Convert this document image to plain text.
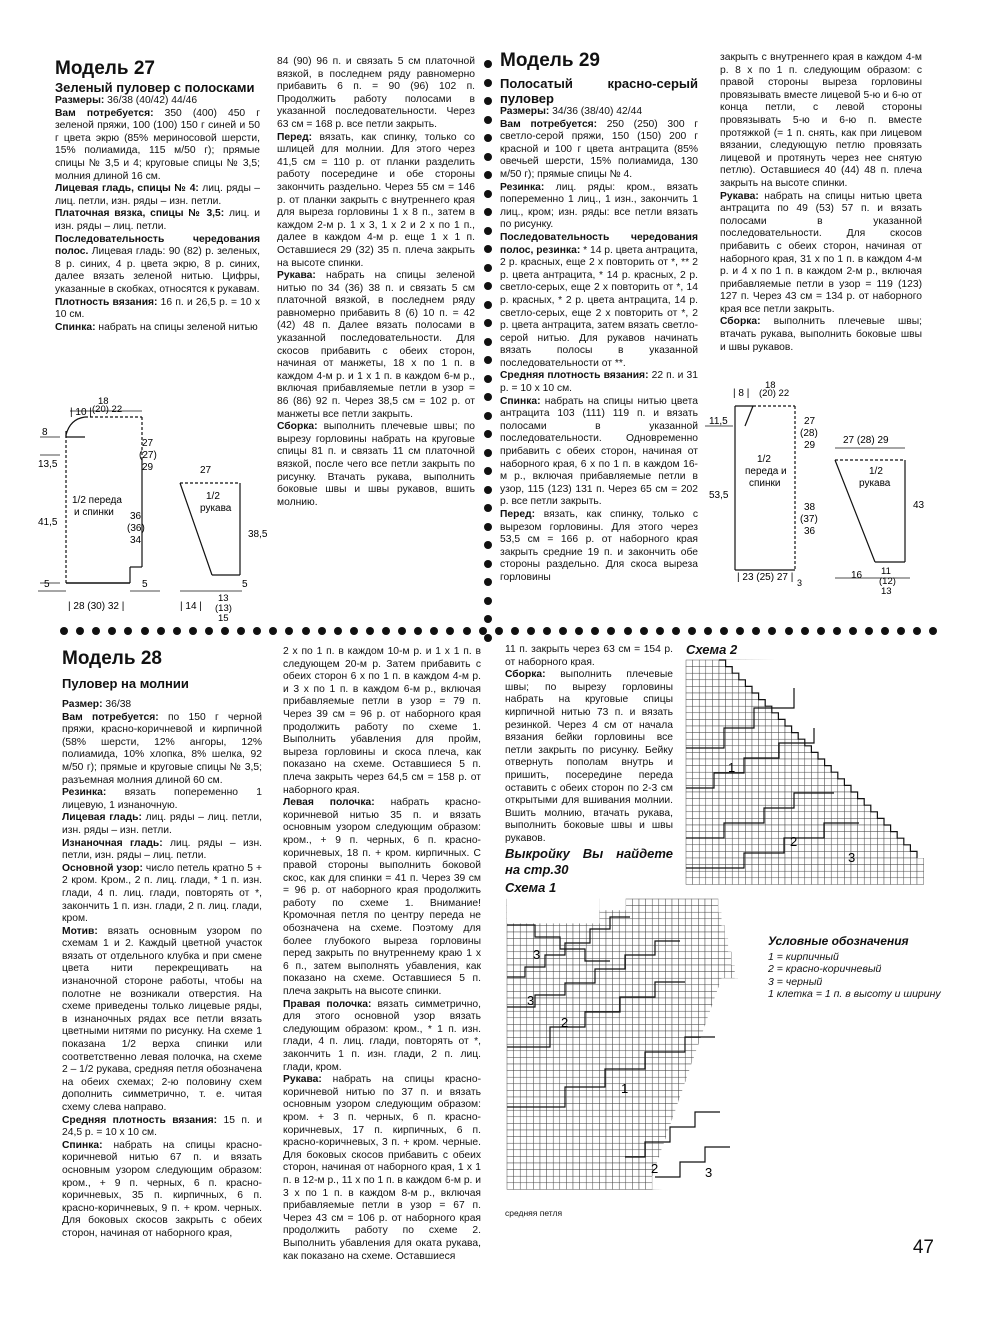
Модель 27

Зеленый пуловер с полосками

Размеры: 36/38 (40/42) 44/46

Вам потребуется: 350 (400) 450 г зеленой пряжи, 100 (100) 150 г синей и 50 г цвета экрю (85% мериносовой шерсти, 15% полиамида, 115 м/50 г); прямые спицы № 3,5 и 4; круговые спицы № 3,5; молния длиной 16 см.

Лицевая гладь, спицы № 4: лиц. ряды – лиц. петли, изн. ряды – изн. петли.

Платочная вязка, спицы № 3,5: лиц. и изн. ряды – лиц. петли.

Последовательность чередования полос. Лицевая гладь: 90 (82) р. зеленых, 8 р. синих, 4 р. цвета экрю, 8 р. синих, далее вязать зеленой нитью. Цифры, указанные в скобках, относятся к рукавам.

Плотность вязания: 16 п. и 26,5 р. = 10 х 10 см.

Спинка: набрать на спицы зеленой нитью

84 (90) 96 п. и связать 5 см платочной вязкой, в последнем ряду равномерно прибавить 6 п. = 90 (96) 102 п. Продолжить работу полосами в указанной последовательности. Через 63 см = 168 р. все петли закрыть.

Перед: вязать, как спинку, только со шлицей для молнии. Для этого через 41,5 см = 110 р. от планки разделить работу посередине и обе стороны закончить раздельно. Через 55 см = 146 р. от планки закрыть с внутреннего края для выреза горловины 1 х 8 п., затем в каждом 2-м р. 1 х 3, 1 х 2 и 2 х по 1 п., далее в каждом 4-м р. еще 1 х 1 п. Оставшиеся 29 (32) 35 п. плеча закрыть на высоте спинки.

Рукава: набрать на спицы зеленой нитью по 34 (36) 38 п. и связать 5 см платочной вязкой, в последнем ряду равномерно прибавить 8 (6) 10 п. = 42 (42) 48 п. Далее вязать полосами в указанной последовательности. Для скосов прибавить с обеих сторон, начиная от манжеты, 18 х по 1 п. в каждом 4-м р. и 1 х 1 п. в каждом 6-м р., включая прибавляемые петли в узор = 86 (86) 92 п. Через 38,5 см = 102 р. от манжеты все петли закрыть.

Сборка: выполнить плечевые швы; по вырезу горловины набрать на круговые спицы 81 п. и связать 11 см платочной вязкой, после чего все петли закрыть по рисунку. Втачать рукава, выполнить боковые швы и швы рукавов, вшить молнию.

| 10 |
18
(20) 22
8
13,5
41,5
27
(27)
29
36
(36)
34
1/2 переда
и спинки
5	5
| 28 (30) 32 |
27
1/2
рукава
38,5
5
| 14 |
13
(13)
15

Модель 29

Полосатый красно-серый пуловер

Размеры: 34/36 (38/40) 42/44

Вам потребуется: 250 (250) 300 г светло-серой пряжи, 150 (150) 200 г красной и 100 г цвета антрацита (85% овечьей шерсти, 15% полиамида, 130 м/50 г); прямые спицы № 4.

Резинка: лиц. ряды: кром., вязать попеременно 1 лиц., 1 изн., закончить 1 лиц., кром; изн. ряды: все петли вязать по рисунку.

Последовательность чередования полос, резинка: * 14 р. цвета антрацита, 2 р. красных, еще 2 х повторить от *, ** 2 р. цвета антрацита, * 14 р. красных, 2 р. светло-серых, еще 2 х повторить от *, 14 р. красных, * 2 р. цвета антрацита, 14 р. светло-серых, еще 2 х повторить от *, 2 р. цвета антрацита, затем вязать светло-серой нитью. Для рукавов начинать вязать полосы в указанной последовательности от **.

Средняя плотность вязания: 22 п. и 31 р. = 10 х 10 см.

Спинка: набрать на спицы нитью цвета антрацита 103 (111) 119 п. и вязать полосами в указанной последовательности. Одновременно прибавить с обеих сторон, начиная от наборного края, 6 х по 1 п. в каждом 16-м р., включая прибавляемые петли в узор, 115 (123) 131 п. Через 65 см = 202 р. все петли закрыть.

Перед: вязать, как спинку, только с вырезом горловины. Для этого через 53,5 см = 166 р. от наборного края закрыть средние 19 п. и закончить обе стороны раздельно. Для скоса выреза горловины

закрыть с внутреннего края в каждом 4-м р. 8 х по 1 п. следующим образом: с правой стороны выреза горловины провязывать вместе лицевой 5-ю и 6-ю от конца петли, с левой стороны провязывать 5-ю и 6-ю п. вместе протяжкой (= 1 п. снять, как при лицевом вязании, следующую петлю провязать лицевой и протянуть через нее снятую петлю). Оставшиеся 40 (44) 48 п. плеча закрыть на высоте спинки.

Рукава: набрать на спицы нитью цвета антрацита по 49 (53) 57 п. и вязать полосами в указанной последовательности. Для скосов прибавить с обеих сторон, начиная от наборного края, 31 х по 1 п. в каждом 4-м р. и 4 х по 1 п. в каждом 2-м р., включая прибавляемые петли в узор = 119 (123) 127 п. Через 43 см = 134 р. от наборного края все петли закрыть.

Сборка: выполнить плечевые швы; втачать рукава, выполнить боковые швы и швы рукавов.

| 8 |
18
(20) 22
11,5
53,5
27
(28)
29
38
(37)
36
1/2
переда и
спинки
| 23 (25) 27 | 3
27 (28) 29
1/2
рукава
43
16 11
(12)
13

Модель 28

Пуловер на молнии

Размер: 36/38

Вам потребуется: по 150 г черной пряжи, красно-коричневой и кирпичной (58% шерсти, 12% ангоры, 12% полиамида, 10% хлопка, 8% шелка, 92 м/50 г); прямые и круговые спицы № 3,5; разъемная молния длиной 60 см.

Резинка: вязать попеременно 1 лицевую, 1 изнаночную.

Лицевая гладь: лиц. ряды – лиц. петли, изн. ряды – изн. петли.

Изнаночная гладь: лиц. ряды – изн. петли, изн. ряды – лиц. петли.

Основной узор: число петель кратно 5 + 2 кром. Кром., 2 п. лиц. глади, * 1 п. изн. глади, 4 п. лиц. глади, повторять от *, закончить 1 п. изн. глади, 2 п. лиц. глади, кром.

Мотив: вязать основным узором по схемам 1 и 2. Каждый цветной участок вязать от отдельного клубка и при смене цвета нити перекрещивать на изнаночной стороне работы, чтобы на полотне не возникали отверстия. На схеме приведены только лицевые ряды, в изнаночных рядах все петли вязать цветными нитями по рисунку. На схеме 1 показана 1/2 верха спинки или соответственно левая полочка, на схеме 2 – 1/2 рукава, средняя петля обозначена на обеих схемах; 2-ю половину схем дополнить симметрично, т. е. читая схему слева направо.

Средняя плотность вязания: 15 п. и 24,5 р. = 10 х 10 см.

Спинка: набрать на спицы красно-коричневой нитью 67 п. и вязать основным узором следующим образом: кром., + 9 п. черных, 6 п. красно-коричневых, 35 п. кирпичных, 6 п. красно-коричневых, 9 п. + кром. черных. Для боковых скосов закрыть с обеих сторон, начиная от наборного края,

2 х по 1 п. в каждом 10-м р. и 1 х 1 п. в следующем 20-м р. Затем прибавить с обеих сторон 6 х по 1 п. в каждом 4-м р. и 3 х по 1 п. в каждом 6-м р., включая прибавляемые петли в узор = 79 п. Через 39 см = 96 р. от наборного края продолжить работу по схеме 1. Выполнить убавления для пройм, выреза горловины и скоса плеча, как показано на схеме. Оставшиеся 5 п. плеча закрыть через 64,5 см = 158 р. от наборного края.

Левая полочка: набрать красно-коричневой нитью 35 п. и вязать основным узором следующим образом: кром., + 9 п. черных, 6 п. красно-коричневых, 18 п. + кром. кирпичных. С правой стороны выполнить боковой скос, как для спинки = 41 п. Через 39 см = 96 р. от наборного края продолжить работу по схеме 1. Внимание! Кромочная петля по центру переда не обозначена на схеме. Поэтому для более глубокого выреза горловины перед закрыть по внутреннему краю 1 х 6 п., затем выполнять убавления, как показано на схеме. Оставшиеся 5 п. плеча закрыть на высоте спинки.

Правая полочка: вязать симметрично, для этого основной узор вязать следующим образом: кром., * 1 п. изн. глади, 4 п. лиц. глади, повторять от *, закончить 1 п. изн. глади, 2 п. лиц. глади, кром.

Рукава: набрать на спицы красно-коричневой нитью по 37 п. и вязать основным узором следующим образом: кром. + 3 п. черных, 6 п. красно-коричневых, 17 п. кирпичных, 6 п. красно-коричневых, 3 п. + кром. черные. Для боковых скосов прибавить с обеих сторон, начиная от наборного края, 1 х 1 п. в 12-м р., 11 х по 1 п. в каждом 6-м р. и 3 х по 1 п. в каждом 8-м р., включая прибавляемые петли в узор = 67 п. Через 43 см = 106 р. от наборного края продолжить работу по схеме 2. Выполнить убавления для оката рукава, как показано на схеме. Оставшиеся

11 п. закрыть через 63 см = 154 р. от наборного края.

Сборка: выполнить плечевые швы; по вырезу горловины набрать на круговые спицы кирпичной нитью 73 п. и вязать резинкой. Через 4 см от начала вязания бейки горловины все петли закрыть по рисунку. Бейку отвернуть пополам внутрь и пришить, посередине переда оставить с обеих сторон по 2-3 см открытыми для вшивания молнии. Вшить молнию, втачать рукава, выполнить боковые швы и швы рукавов.

Выкройку Вы найдете на стр.30

Схема 2
1
2
3
Схема 1
3
3
2
1
2	3
средняя петля
Условные обозначения
1 = кирпичный
2 = красно-коричневый
3 = черный
1 клетка = 1 п. в высоту и ширину
47
